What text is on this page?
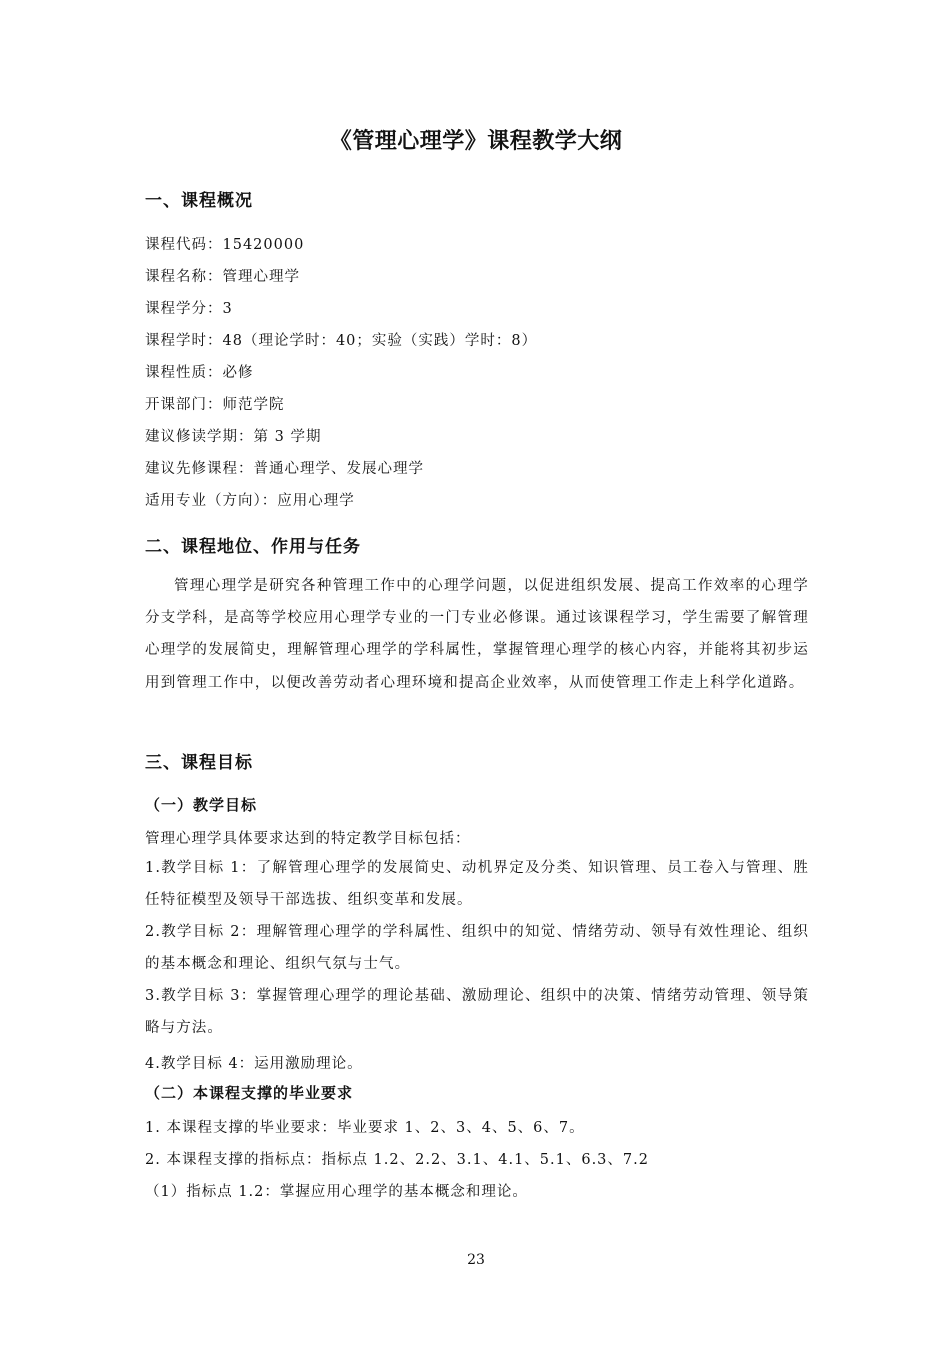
《管理心理学》课程教学大纲
一、课程概况
课程代码：15420000
课程名称：管理心理学
课程学分：3
课程学时：48（理论学时：40；实验（实践）学时：8）
课程性质：必修
开课部门：师范学院
建议修读学期：第 3 学期
建议先修课程：普通心理学、发展心理学
适用专业（方向）：应用心理学
二、课程地位、作用与任务
管理心理学是研究各种管理工作中的心理学问题，以促进组织发展、提高工作效率的心理学分支学科，是高等学校应用心理学专业的一门专业必修课。通过该课程学习，学生需要了解管理心理学的发展简史，理解管理心理学的学科属性，掌握管理心理学的核心内容，并能将其初步运用到管理工作中，以便改善劳动者心理环境和提高企业效率，从而使管理工作走上科学化道路。
三、课程目标
（一）教学目标
管理心理学具体要求达到的特定教学目标包括：
1.教学目标 1：了解管理心理学的发展简史、动机界定及分类、知识管理、员工卷入与管理、胜任特征模型及领导干部选拔、组织变革和发展。
2.教学目标 2：理解管理心理学的学科属性、组织中的知觉、情绪劳动、领导有效性理论、组织的基本概念和理论、组织气氛与士气。
3.教学目标 3：掌握管理心理学的理论基础、激励理论、组织中的决策、情绪劳动管理、领导策略与方法。
4.教学目标 4：运用激励理论。
（二）本课程支撑的毕业要求
1. 本课程支撑的毕业要求：毕业要求 1、2、3、4、5、6、7。
2. 本课程支撑的指标点：指标点 1.2、2.2、3.1、4.1、5.1、6.3、7.2
（1）指标点 1.2：掌握应用心理学的基本概念和理论。
23
